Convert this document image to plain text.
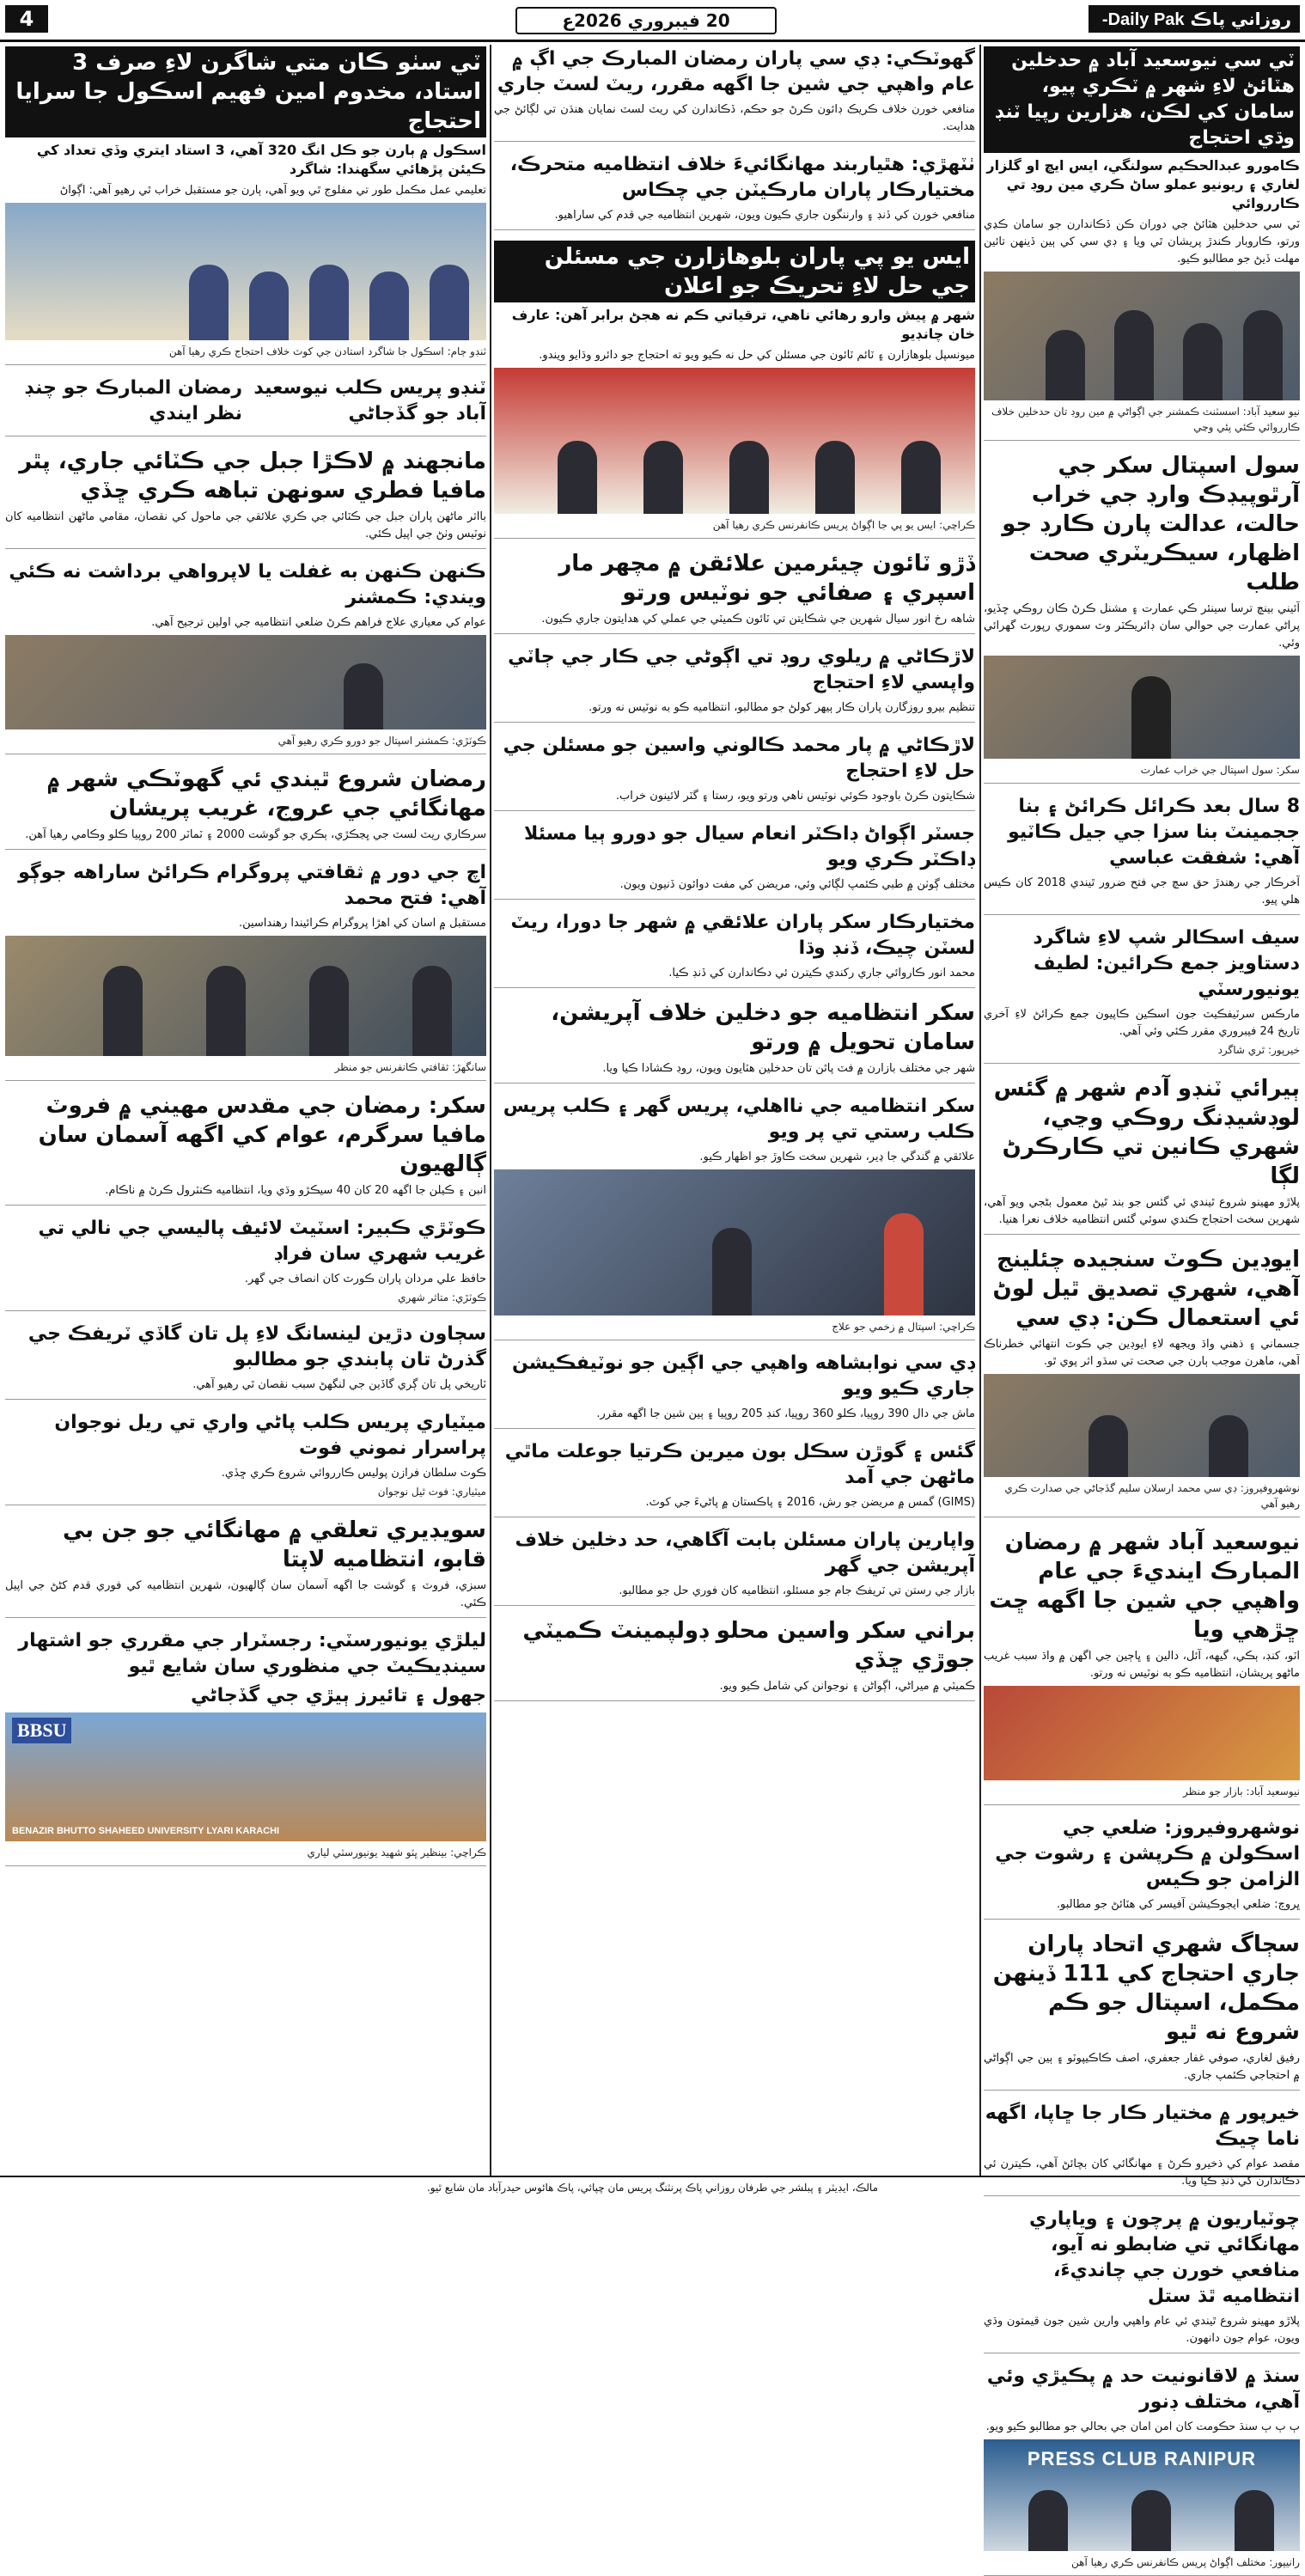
4	20 فيبروري 2026ع	روزاني پاڪ Daily Pak-
ٽي سي نيوسعيد آباد ۾ حدخلين هٽائڻ لاءِ شهر ۾ ٽڪري پيو، سامان کي لڪن، هزارين رپيا ٽنڊ وڌي احتجاج
ڪامورو عبدالحڪيم سولنگي، ايس ايڇ او گلزار لغاري ۽ ريونيو عملو ساڻ ڪري مين روڊ تي ڪارروائي

ٽي سي حدخلين هٽائڻ جي دوران ڪن ڏڪاندارن جو سامان ڪڍي ورتو، ڪاروبار ڪندڙ پريشان ٿي ويا ۽ ڊي سي کي ٻين ڏينهن تائين مهلت ڏيڻ جو مطالبو ڪيو.

نيو سعيد آباد: اسسٽنٽ ڪمشنر جي اڳواڻي ۾ مين روڊ تان حدخلين خلاف ڪارروائي ڪئي پئي وڃي
سول اسپتال سکر جي آرٿوپيڊڪ وارڊ جي خراب حالت، عدالت پارن ڪارڊ جو اظهار، سيڪريٽري صحت طلب

آئيني بينچ ترسا سينئر ڪي عمارت ۽ مشنل ڪرڻ ڪان روڪي ڇڏيو، پراڻي عمارت جي حوالي سان ڊائريڪٽر وٽ سموري رپورٽ گهرائي وئي.

سکر: سول اسپتال جي خراب عمارت
8 سال بعد ڪرائل ڪرائڻ ۽ بنا ججمينٽ بنا سزا جي جيل ڪاٽيو آهي: شفقت عباسي

آخرڪار جي رهندڙ حق سچ جي فتح ضرور ٿيندي 2018 کان ڪيس هلي پيو.

سيف اسڪالر شپ لاءِ شاگرد دستاويز جمع ڪرائين: لطيف يونيورسٽي

مارڪس سرٽيفڪيٽ جون اسڪين ڪاپيون جمع ڪرائڻ لاءِ آخري تاريخ 24 فيبروري مقرر ڪئي وئي آهي.

خيرپور: ٿري شاگرد
ٻيرائي ٽنڊو آدم شهر ۾ گئس لوڊشيڊنگ روڪي وڃي، شهري ڪانين تي ڪارڪرڻ لڳا

پلاڙو مهينو شروع ٿيندي ئي گئس جو بند ٿيڻ معمول بڻجي ويو آهي، شهرين سخت احتجاج ڪندي سوئي گئس انتظاميه خلاف نعرا هنيا.

ايوڊين ڪوٽ سنجيده چئلينج آهي، شهري تصديق ٿيل لوڻ ئي استعمال ڪن: ڊي سي

جسماني ۽ ذهني واڌ ويجهه لاءِ ايوڊين جي ڪوٽ انتهائي خطرناڪ آهي، ماهرن موجب ٻارن جي صحت تي سڌو اثر پوي ٿو.

نوشهروفيروز: ڊي سي محمد ارسلان سليم گڏجاڻي جي صدارت ڪري رهيو آهي
نيوسعيد آباد شهر ۾ رمضان المبارڪ اينديءَ جي عام واهپي جي شين جا اگهه ڇت ڇڙهي ويا

اٽو، کنڊ، ٻڪي، گيهه، آئل، دالين ۽ ڀاڄين جي اگهن ۾ واڌ سبب غريب ماڻهو پريشان، انتظاميه ڪو به نوٽيس نه ورتو.

نيوسعيد آباد: بازار جو منظر
نوشهروفيروز: ضلعي جي اسڪولن ۾ ڪرپشن ۽ رشوت جي الزامن جو ڪيس

ڀروچ: ضلعي ايجوڪيشن آفيسر کي هٽائڻ جو مطالبو.

سڄاگ شهري اتحاد پاران جاري احتجاج کي 111 ڏينهن مڪمل، اسپتال جو ڪم شروع نه ٿيو

رفيق لغاري، صوفي غفار جعفري، اصف ڪاڪيپوٽو ۽ ٻين جي اڳواڻي ۾ احتجاجي ڪئمپ جاري.

خيرپور ۾ مختيار ڪار جا ڇاپا، اگهه ناما چيڪ

مقصد عوام کي ذخيرو ڪرڻ ۽ مهانگائي کان بچائڻ آهي، ڪيترن ئي دڪاندارن کي ڏنڊ ڪيا ويا.

چوٽياريون ۾ پرچون ۽ وياپاري مهانگائي تي ضابطو نه آيو، منافعي خورن جي چانديءَ، انتظاميه ٿڌ ستل

پلاڙو مهينو شروع ٿيندي ئي عام واهپي وارين شين جون قيمتون وڌي ويون، عوام جون دانهون.

سنڌ ۾ لاقانونيت حد ۾ پڪيڙي وئي آهي، مختلف ڊنور

ٻ ٻ ٻ سنڌ حڪومت کان امن امان جي بحالي جو مطالبو ڪيو ويو.

PRESS CLUB RANIPUR
رانيپور: مختلف اڳواڻ پريس ڪانفرنس ڪري رهيا آهن
گهوٽڪي: ڊي سي پاران رمضان المبارڪ جي اڳ ۾ عام واهپي جي شين جا اگهه مقرر، ريٽ لسٽ جاري

منافعي خورن خلاف ڪريڪ ڊائون ڪرڻ جو حڪم، ڏڪاندارن کي ريٽ لسٽ نمايان هنڌن تي لڳائڻ جي هدايت.

ٺٽهڙي: هٿياربند مهانگائيءَ خلاف انتظاميه متحرڪ، مختيارڪار پاران مارڪيٽن جي چڪاس

منافعي خورن کي ڏنڊ ۽ وارننگون جاري ڪيون ويون، شهرين انتظاميه جي قدم کي ساراهيو.

ايس يو پي پاران بلوهازارن جي مسئلن جي حل لاءِ تحريڪ جو اعلان
شهر ۾ پيش وارو رهائي ناهي، ترقياتي ڪم نه هجڻ برابر آهن: عارف خان چانڊيو

ميونسپل بلوهازارن ۽ ٽائم ٽائون جي مسئلن کي حل نه ڪيو ويو ته احتجاج جو دائرو وڌايو ويندو.

ڪراچي: ايس يو پي جا اڳواڻ پريس ڪانفرنس ڪري رهيا آهن
ڏڙو ٽائون چيئرمين علائقن ۾ مچهر مار اسپري ۽ صفائي جو نوٽيس ورتو

شاهه رخ انور سيال شهرين جي شڪايتن تي ٽائون ڪميٽي جي عملي کي هدايتون جاري ڪيون.

لاڙڪاڻي ۾ ريلوي روڊ تي اڳوڻي جي ڪار جي ڄاٽي واپسي لاءِ احتجاج

تنظيم بيرو روزگارن پاران ڪار ٻيهر کولڻ جو مطالبو، انتظاميه ڪو به نوٽيس نه ورتو.

لاڙڪاڻي ۾ پار محمد ڪالوني واسين جو مسئلن جي حل لاءِ احتجاج

شڪايتون ڪرڻ باوجود ڪوئي نوٽيس ناهي ورتو ويو، رستا ۽ گٽر لائينون خراب.

جسٽر اڳواڻ ڊاڪٽر انعام سيال جو دورو ٻيا مسئلا ڊاڪٽر ڪري ويو

مختلف ڳوٺن ۾ طبي ڪئمپ لڳائي وئي، مريضن کي مفت دوائون ڏنيون ويون.

مختيارڪار سکر پاران علائقي ۾ شهر جا دورا، ريٽ لسٽن چيڪ، ڏنڊ وڌا

محمد انور ڪاروائي جاري رکندي ڪيترن ئي دڪاندارن کي ڏنڊ ڪيا.

سکر انتظاميه جو دخلين خلاف آپريشن، سامان تحويل ۾ ورتو

شهر جي مختلف بازارن ۾ فٽ پاٿن تان حدخلين هٽايون ويون، روڊ ڪشادا ڪيا ويا.

سکر انتظاميه جي نااهلي، پريس گهر ۽ ڪلب پريس ڪلب رستي تي پر ويو

علائقي ۾ گندگي جا ڍير، شهرين سخت ڪاوڙ جو اظهار ڪيو.

ڪراچي: اسپتال ۾ زخمي جو علاج
ڊي سي نوابشاهه واهپي جي اڳين جو نوٽيفڪيشن جاري ڪيو ويو

ماش جي دال 390 روپيا، ڪلو 360 روپيا، کنڊ 205 روپيا ۽ ٻين شين جا اگهه مقرر.

گئس ۽ گوڙن سڪل بون ميرين ڪرتيا جوعلت ماٿي ماڻهن جي آمد

(GIMS) گمس ۾ مريضن جو رش، 2016 ۽ پاڪستان ۾ پاڻيءَ جي کوٽ.

واپارين پاران مسئلن بابت آگاهي، حد دخلين خلاف آپريشن جي گهر

بازار جي رستن تي ٽريفڪ جام جو مسئلو، انتظاميه کان فوري حل جو مطالبو.

براني سکر واسين محلو ڊولپمينٽ ڪميٽي جوڙي ڇڏي

ڪميٽي ۾ ميراڻي، اڳواڻن ۽ نوجوانن کي شامل ڪيو ويو.

ٽي سٺو ڪان متي شاگرن لاءِ صرف 3 استاد، مخدوم امين فهيم اسڪول جا سرايا احتجاج
اسڪول ۾ ٻارن جو ڪل انگ 320 آهي، 3 استاد ايتري وڏي تعداد کي ڪيئن پڙهائي سگهندا: شاگرد

تعليمي عمل مڪمل طور تي مفلوج ٿي ويو آهي، ٻارن جو مستقبل خراب ٿي رهيو آهي: اڳواڻ

ٽنڊو ڄام: اسڪول جا شاگرد استادن جي کوٽ خلاف احتجاج ڪري رهيا آهن
ٽنڊو پريس ڪلب نيوسعيد آباد جو گڏجاڻي
رمضان المبارڪ جو چنڊ نظر ايندي
مانجهند ۾ لاڪڙا جبل جي ڪٽائي جاري، پٿر مافيا فطري سونهن تباهه ڪري ڇڏي

بااثر ماڻهن پاران جبل جي ڪٽائي جي ڪري علائقي جي ماحول کي نقصان، مقامي ماڻهن انتظاميه کان نوٽيس وٺڻ جي اپيل ڪئي.

ڪنهن ڪنهن به غفلت يا لاپرواهي برداشت نه ڪئي ويندي: ڪمشنر

عوام کي معياري علاج فراهم ڪرڻ ضلعي انتظاميه جي اولين ترجيح آهي.

ڪوٽڙي: ڪمشنر اسپتال جو دورو ڪري رهيو آهي
رمضان شروع ٿيندي ئي گهوٽڪي شهر ۾ مهانگائي جي عروج، غريب پريشان

سرڪاري ريٽ لسٽ جي ڀڃڪڙي، ٻڪري جو گوشت 2000 ۽ ٽماٽر 200 روپيا ڪلو وڪامي رهيا آهن.

اچ جي دور ۾ ثقافتي پروگرام ڪرائڻ ساراهه جوڳو آهي: فتح محمد

مستقبل ۾ اسان کي اهڙا پروگرام ڪرائيندا رهنداسين.

سانگهڙ: ثقافتي ڪانفرنس جو منظر
سکر: رمضان جي مقدس مهيني ۾ فروٽ مافيا سرگرم، عوام کي اگهه آسمان سان ڳالهيون

انبن ۽ ڪيلن جا اگهه 20 کان 40 سيڪڙو وڌي ويا، انتظاميه ڪنٽرول ڪرڻ ۾ ناڪام.

ڪوٽڙي ڪبير: اسٽيٽ لائيف پاليسي جي نالي تي غريب شهري سان فراڊ

حافظ علي مردان پاران ڪورٽ کان انصاف جي گهر.

ڪوٽڙي: متاثر شهري
سڄاون دڙين لينسانگ لاءِ پل تان گاڏي ٽريفڪ جي گذرڻ تان پابندي جو مطالبو

ٽاريخي پل تان ڳري گاڏين جي لنگهڻ سبب نقصان ٿي رهيو آهي.

ميٽياري پريس ڪلب پاڻي واري تي ريل نوجوان پراسرار نموني فوت

ڪوٽ سلطان فرازن پوليس ڪارروائي شروع ڪري ڇڏي.

ميٽياري: فوت ٿيل نوجوان
سويڊيري تعلقي ۾ مهانگائي جو جن بي قابو، انتظاميه لاپتا

سبزي، فروٽ ۽ گوشت جا اگهه آسمان سان ڳالهيون، شهرين انتظاميه کي فوري قدم کڻڻ جي اپيل ڪئي.

ليلڙي يونيورسٽي: رجسٽرار جي مقرري جو اشتهار سينڊيڪيٽ جي منظوري سان شايع ٿيو
جهول ۽ تائيرز ٻيڙي جي گڏجاڻي
BBSU
BENAZIR BHUTTO SHAHEED UNIVERSITY LYARI KARACHI
ڪراچي: بينظير ڀٽو شهيد يونيورسٽي لياري
مالڪ، ايڊيٽر ۽ پبلشر جي طرفان روزاني پاڪ پرنٽنگ پريس مان ڇپائي، پاڪ هائوس حيدرآباد مان شايع ٿيو.
